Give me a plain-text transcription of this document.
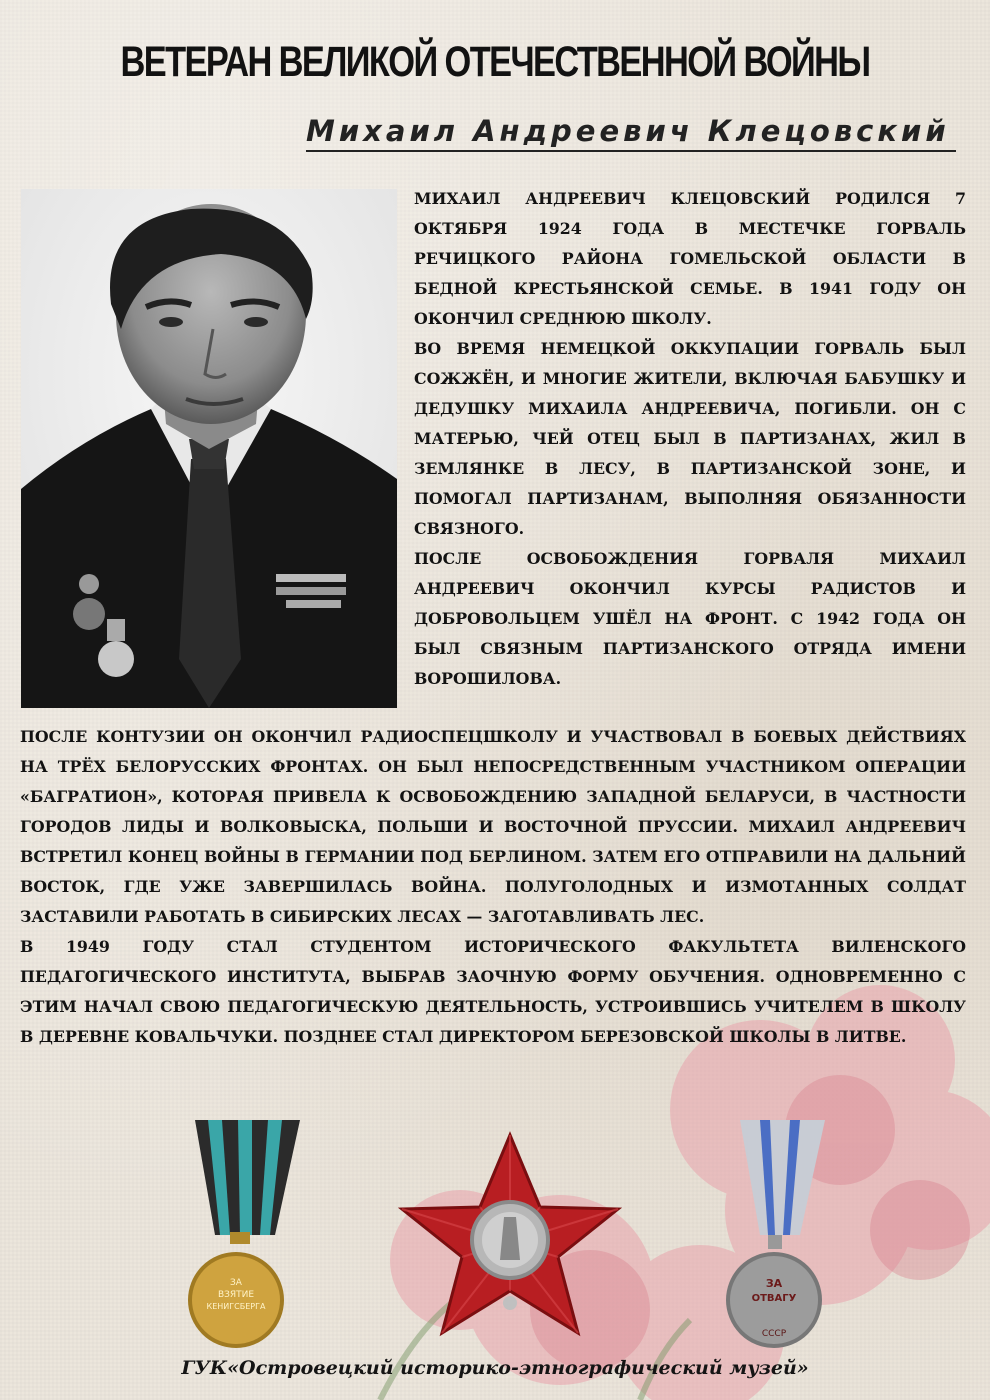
ВЕТЕРАН ВЕЛИКОЙ ОТЕЧЕСТВЕННОЙ ВОЙНЫ
Михаил Андреевич Клецовский

МИХАИЛ АНДРЕЕВИЧ КЛЕЦОВСКИЙ РОДИЛСЯ 7 ОКТЯБРЯ 1924 ГОДА В МЕСТЕЧКЕ ГОРВАЛЬ РЕЧИЦКОГО РАЙОНА ГОМЕЛЬСКОЙ ОБЛАСТИ В БЕДНОЙ КРЕСТЬЯНСКОЙ СЕМЬЕ. В 1941 ГОДУ ОН ОКОНЧИЛ СРЕДНЮЮ ШКОЛУ.

ВО ВРЕМЯ НЕМЕЦКОЙ ОККУПАЦИИ ГОРВАЛЬ БЫЛ СОЖЖЁН, И МНОГИЕ ЖИТЕЛИ, ВКЛЮЧАЯ БАБУШКУ И ДЕДУШКУ МИХАИЛА АНДРЕЕВИЧА, ПОГИБЛИ. ОН С МАТЕРЬЮ, ЧЕЙ ОТЕЦ БЫЛ В ПАРТИЗАНАХ, ЖИЛ В ЗЕМЛЯНКЕ В ЛЕСУ, В ПАРТИЗАНСКОЙ ЗОНЕ, И ПОМОГАЛ ПАРТИЗАНАМ, ВЫПОЛНЯЯ ОБЯЗАННОСТИ СВЯЗНОГО.

ПОСЛЕ ОСВОБОЖДЕНИЯ ГОРВАЛЯ МИХАИЛ АНДРЕЕВИЧ ОКОНЧИЛ КУРСЫ РАДИСТОВ И ДОБРОВОЛЬЦЕМ УШЁЛ НА ФРОНТ. С 1942 ГОДА ОН БЫЛ СВЯЗНЫМ ПАРТИЗАНСКОГО ОТРЯДА ИМЕНИ ВОРОШИЛОВА.

ПОСЛЕ КОНТУЗИИ ОН ОКОНЧИЛ РАДИОСПЕЦШКОЛУ И УЧАСТВОВАЛ В БОЕВЫХ ДЕЙСТВИЯХ НА ТРЁХ БЕЛОРУССКИХ ФРОНТАХ. ОН БЫЛ НЕПОСРЕДСТВЕННЫМ УЧАСТНИКОМ ОПЕРАЦИИ «БАГРАТИОН», КОТОРАЯ ПРИВЕЛА К ОСВОБОЖДЕНИЮ ЗАПАДНОЙ БЕЛАРУСИ, В ЧАСТНОСТИ ГОРОДОВ ЛИДЫ И ВОЛКОВЫСКА, ПОЛЬШИ И ВОСТОЧНОЙ ПРУССИИ. МИХАИЛ АНДРЕЕВИЧ ВСТРЕТИЛ КОНЕЦ ВОЙНЫ В ГЕРМАНИИ ПОД БЕРЛИНОМ. ЗАТЕМ ЕГО ОТПРАВИЛИ НА ДАЛЬНИЙ ВОСТОК, ГДЕ УЖЕ ЗАВЕРШИЛАСЬ ВОЙНА. ПОЛУГОЛОДНЫХ И ИЗМОТАННЫХ СОЛДАТ ЗАСТАВИЛИ РАБОТАТЬ В СИБИРСКИХ ЛЕСАХ — ЗАГОТАВЛИВАТЬ ЛЕС.

В 1949 ГОДУ СТАЛ СТУДЕНТОМ ИСТОРИЧЕСКОГО ФАКУЛЬТЕТА ВИЛЕНСКОГО ПЕДАГОГИЧЕСКОГО ИНСТИТУТА, ВЫБРАВ ЗАОЧНУЮ ФОРМУ ОБУЧЕНИЯ. ОДНОВРЕМЕННО С ЭТИМ НАЧАЛ СВОЮ ПЕДАГОГИЧЕСКУЮ ДЕЯТЕЛЬНОСТЬ, УСТРОИВШИСЬ УЧИТЕЛЕМ В ШКОЛУ В ДЕРЕВНЕ КОВАЛЬЧУКИ. ПОЗДНЕЕ СТАЛ ДИРЕКТОРОМ БЕРЕЗОВСКОЙ ШКОЛЫ В ЛИТВЕ.

ЗА
ВЗЯТИЕ
КЕНИГСБЕРГА
ЗА
ОТВАГУ
СССР

ГУК«Островецкий историко-этнографический музей»
